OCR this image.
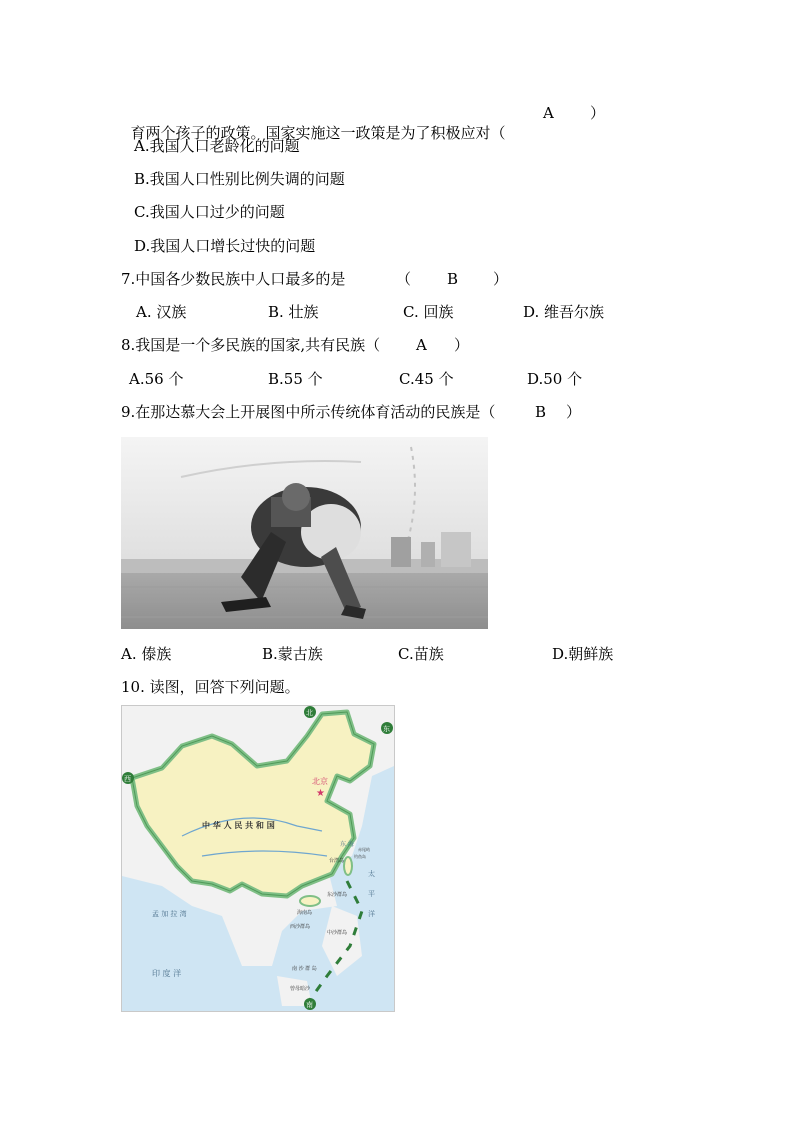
育两个孩子的政策。国家实施这一政策是为了积极应对（

A ）
A.我国人口老龄化的问题
B.我国人口性别比例失调的问题
C.我国人口过少的问题
D.我国人口增长过快的问题
7.中国各少数民族中人口最多的是	（ B ）
A. 汉族	B. 壮族	C. 回族	D. 维吾尔族
8.我国是一个多民族的国家,共有民族（ A ）
A.56 个	B.55 个	C.45 个	D.50 个
9.在那达慕大会上开展图中所示传统体育活动的民族是（	B ）
A. 傣族	B.蒙古族	C.苗族	D.朝鲜族
10. 读图，回答下列问题。
北京
★
中 华 人 民 共 和 国
东 海
太
平
洋
孟 加 拉 湾
印 度 洋
台湾岛
海南岛
西沙群岛
中沙群岛
东沙群岛
南 沙 群 岛
曾母暗沙
钓鱼岛
赤尾屿
北
东
西
南
